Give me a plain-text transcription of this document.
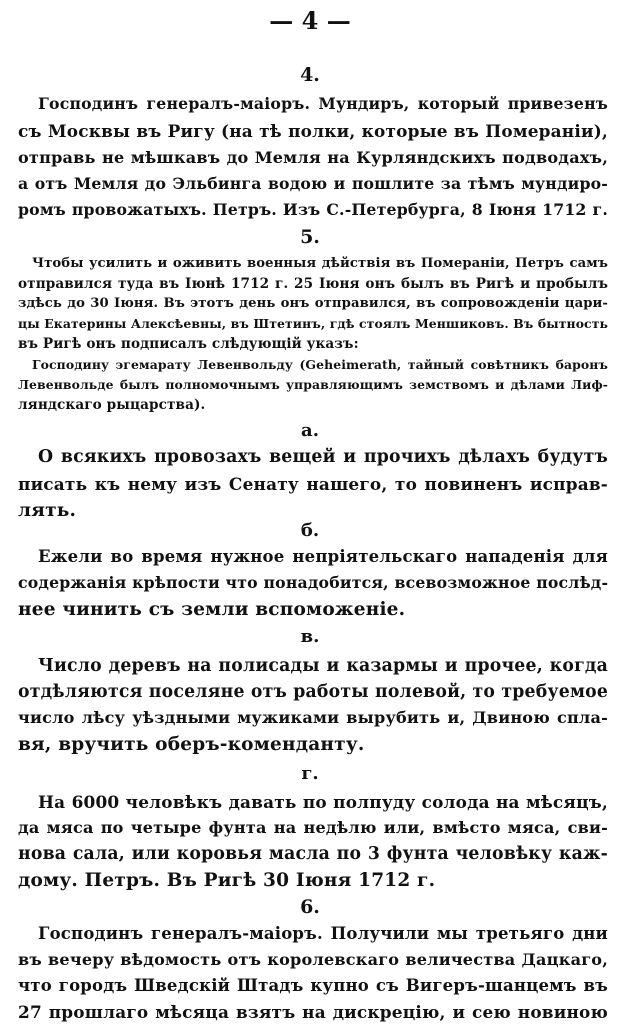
— 4 —
4.

Господинъ генералъ-маiоръ. Мундиръ, который привезенъ

съ Москвы въ Ригу (на тѣ полки, которые въ Померанiи),

отправь не мѣшкавъ до Мемля на Курляндскихъ подводахъ,

а отъ Мемля до Эльбинга водою и пошлите за тѣмъ мундиро-

ромъ провожатыхъ. Петръ. Изъ С.-Петербурга, 8 Iюня 1712 г.

5.

Чтобы усилить и оживить военныя дѣйствiя въ Померанiи, Петръ самъ

отправился туда въ Iюнѣ 1712 г. 25 Iюня онъ былъ въ Ригѣ и пробылъ

здѣсь до 30 Iюня. Въ этотъ день онъ отправился, въ сопровожденiи цари-

цы Екатерины Алексѣевны, въ Штетинъ, гдѣ стоялъ Меншиковъ. Въ бытность

въ Ригѣ онъ подписалъ слѣдующiй указъ:

Господину эгемарату Левенвольду (Geheimerath, тайный совѣтникъ баронъ

Левенвольде былъ полномочнымъ управляющимъ земствомъ и дѣлами Лиф-

ляндскаго рыцарства).

а.

О всякихъ провозахъ вещей и прочихъ дѣлахъ будутъ

писать къ нему изъ Сенату нашего, то повиненъ исправ-

лять.

б.

Ежели во время нужное непрiятельскаго нападенiя для

содержанiя крѣпости что понадобится, всевозможное послѣд-

нее чинить съ земли вспоможенiе.

в.

Число деревъ на полисады и казармы и прочее, когда

отдѣляются поселяне отъ работы полевой, то требуемое

число лѣсу уѣздными мужиками вырубить и, Двиною спла-

вя, вручить оберъ-коменданту.

г.

На 6000 человѣкъ давать по полпуду солода на мѣсяцъ,

да мяса по четыре фунта на недѣлю или, вмѣсто мяса, сви-

нова сала, или коровья масла по 3 фунта человѣку каж-

дому. Петръ. Въ Ригѣ 30 Iюня 1712 г.

6.

Господинъ генералъ-маiоръ. Получили мы третьяго дни

въ вечеру вѣдомость отъ королевскаго величества Дацкаго,

что городъ Шведскiй Штадъ купно съ Вигеръ-шанцемъ въ

27 прошлаго мѣсяца взятъ на дискрецiю, и сею новиною
